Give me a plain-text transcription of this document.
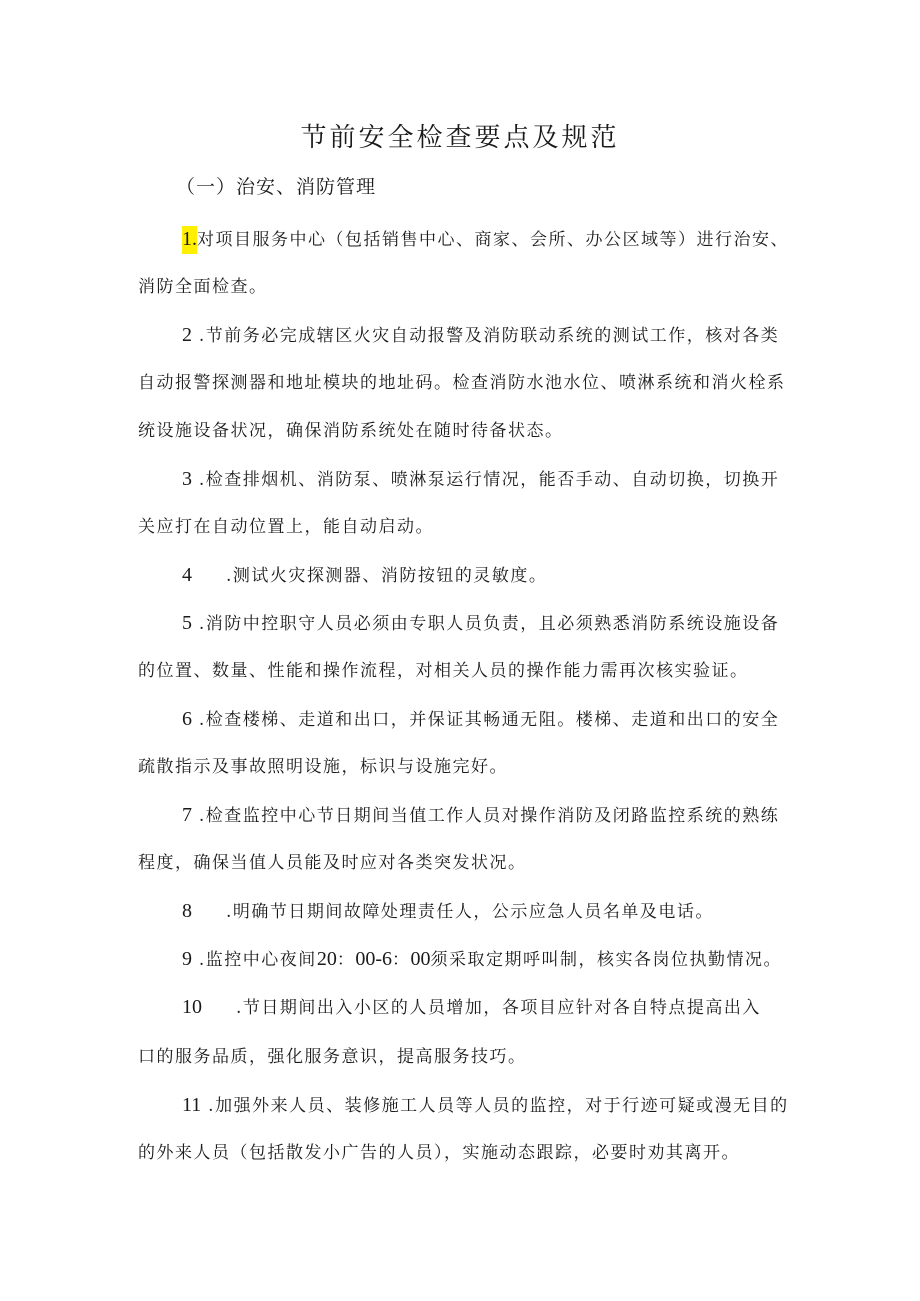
节前安全检查要点及规范
（一）治安、消防管理
1.对项目服务中心（包括销售中心、商家、会所、办公区域等）进行治安、
消防全面检查。
2 .节前务必完成辖区火灾自动报警及消防联动系统的测试工作，核对各类
自动报警探测器和地址模块的地址码。检查消防水池水位、喷淋系统和消火栓系
统设施设备状况，确保消防系统处在随时待备状态。
3 .检查排烟机、消防泵、喷淋泵运行情况，能否手动、自动切换，切换开
关应打在自动位置上，能自动启动。
4 .测试火灾探测器、消防按钮的灵敏度。
5 .消防中控职守人员必须由专职人员负责，且必须熟悉消防系统设施设备
的位置、数量、性能和操作流程，对相关人员的操作能力需再次核实验证。
6 .检查楼梯、走道和出口，并保证其畅通无阻。楼梯、走道和出口的安全
疏散指示及事故照明设施，标识与设施完好。
7 .检查监控中心节日期间当值工作人员对操作消防及闭路监控系统的熟练
程度，确保当值人员能及时应对各类突发状况。
8 .明确节日期间故障处理责任人，公示应急人员名单及电话。
9 .监控中心夜间20：00-6：00须采取定期呼叫制，核实各岗位执勤情况。
10 .节日期间出入小区的人员增加，各项目应针对各自特点提高出入
口的服务品质，强化服务意识，提高服务技巧。
11 .加强外来人员、装修施工人员等人员的监控，对于行迹可疑或漫无目的
的外来人员（包括散发小广告的人员），实施动态跟踪，必要时劝其离开。
